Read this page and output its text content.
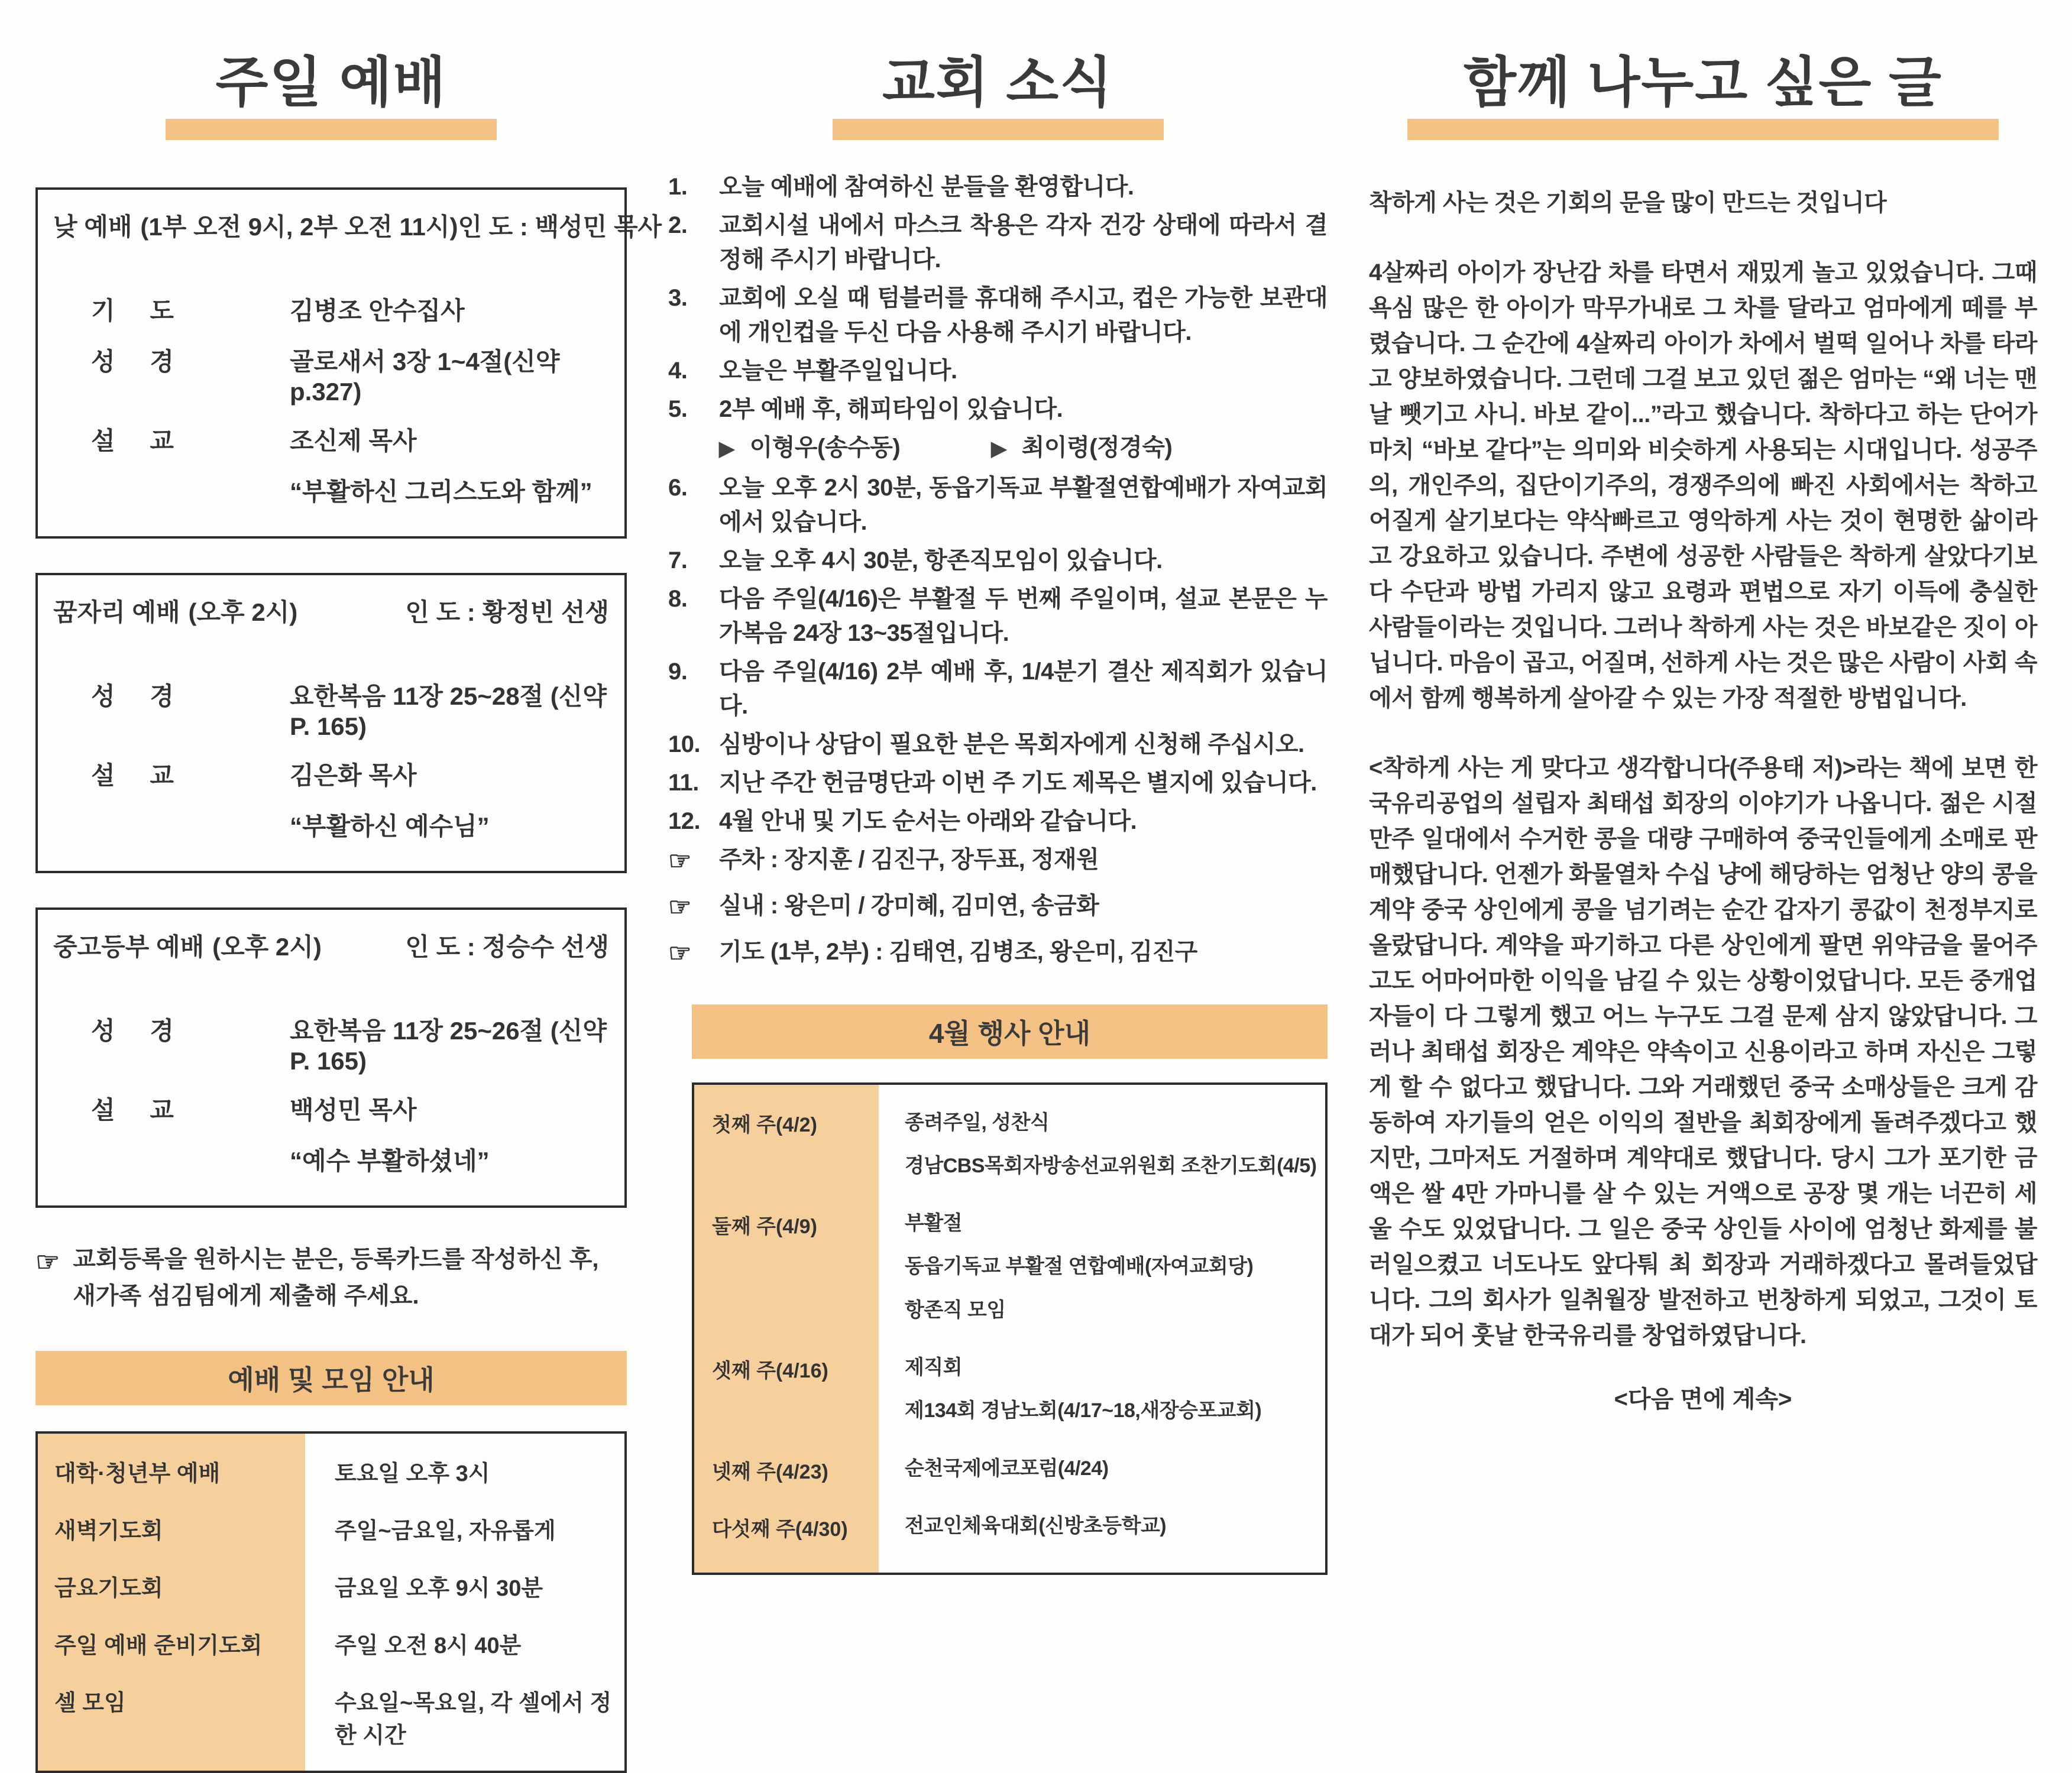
주일 예배
낮 예배 (1부 오전 9시, 2부 오전 11시) 인 도 : 백성민 목사
기 도	김병조 안수집사
성 경	골로새서 3장 1~4절(신약 p.327)
설 교	조신제 목사
“부활하신 그리스도와 함께”
꿈자리 예배 (오후 2시)	인 도 : 황정빈 선생
성 경	요한복음 11장 25~28절 (신약 P. 165)
설 교	김은화 목사
“부활하신 예수님”
중고등부 예배 (오후 2시)	인 도 : 정승수 선생
성 경	요한복음 11장 25~26절 (신약 P. 165)
설 교	백성민 목사
“예수 부활하셨네”

☞ 교회등록을 원하시는 분은, 등록카드를 작성하신 후, 새가족 섬김팀에게 제출해 주세요.

예배 및 모임 안내
대학·청년부 예배	토요일 오후 3시
새벽기도회	주일~금요일, 자유롭게
금요기도회	금요일 오후 9시 30분
주일 예배 준비기도회	주일 오전 8시 40분
셀 모임	수요일~목요일, 각 셀에서 정한 시간
교회 소식
1.	오늘 예배에 참여하신 분들을 환영합니다.
2.	교회시설 내에서 마스크 착용은 각자 건강 상태에 따라서 결정해 주시기 바랍니다.
3.	교회에 오실 때 텀블러를 휴대해 주시고, 컵은 가능한 보관대에 개인컵을 두신 다음 사용해 주시기 바랍니다.
4.	오늘은 부활주일입니다.
5.	2부 예배 후, 해피타임이 있습니다.
▶ 이형우(송수동)	▶ 최이령(정경숙)
6.	오늘 오후 2시 30분, 동읍기독교 부활절연합예배가 자여교회에서 있습니다.
7.	오늘 오후 4시 30분, 항존직모임이 있습니다.
8.	다음 주일(4/16)은 부활절 두 번째 주일이며, 설교 본문은 누가복음 24장 13~35절입니다.
9.	다음 주일(4/16) 2부 예배 후, 1/4분기 결산 제직회가 있습니다.
10. 심방이나 상담이 필요한 분은 목회자에게 신청해 주십시오.
11. 지난 주간 헌금명단과 이번 주 기도 제목은 별지에 있습니다.
12. 4월 안내 및 기도 순서는 아래와 같습니다.
☞	주차 : 장지훈 / 김진구, 장두표, 정재원
☞	실내 : 왕은미 / 강미혜, 김미연, 송금화
☞	기도 (1부, 2부) : 김태연, 김병조, 왕은미, 김진구
4월 행사 안내
첫째 주(4/2)	종려주일, 성찬식
경남CBS목회자방송선교위원회 조찬기도회(4/5)
둘째 주(4/9)	부활절
동읍기독교 부활절 연합예배(자여교회당)
항존직 모임
셋째 주(4/16)	제직회
제134회 경남노회(4/17~18,새장승포교회)
넷째 주(4/23)	순천국제에코포럼(4/24)
다섯째 주(4/30)	전교인체육대회(신방초등학교)
함께 나누고 싶은 글

착하게 사는 것은 기회의 문을 많이 만드는 것입니다

4살짜리 아이가 장난감 차를 타면서 재밌게 놀고 있었습니다. 그때 욕심 많은 한 아이가 막무가내로 그 차를 달라고 엄마에게 떼를 부렸습니다. 그 순간에 4살짜리 아이가 차에서 벌떡 일어나 차를 타라고 양보하였습니다. 그런데 그걸 보고 있던 젊은 엄마는 “왜 너는 맨날 뺏기고 사니. 바보 같이...”라고 했습니다. 착하다고 하는 단어가 마치 “바보 같다”는 의미와 비슷하게 사용되는 시대입니다. 성공주의, 개인주의, 집단이기주의, 경쟁주의에 빠진 사회에서는 착하고 어질게 살기보다는 약삭빠르고 영악하게 사는 것이 현명한 삶이라고 강요하고 있습니다. 주변에 성공한 사람들은 착하게 살았다기보다 수단과 방법 가리지 않고 요령과 편법으로 자기 이득에 충실한 사람들이라는 것입니다. 그러나 착하게 사는 것은 바보같은 짓이 아닙니다. 마음이 곱고, 어질며, 선하게 사는 것은 많은 사람이 사회 속에서 함께 행복하게 살아갈 수 있는 가장 적절한 방법입니다.

<착하게 사는 게 맞다고 생각합니다(주용태 저)>라는 책에 보면 한국유리공업의 설립자 최태섭 회장의 이야기가 나옵니다. 젊은 시절 만주 일대에서 수거한 콩을 대량 구매하여 중국인들에게 소매로 판매했답니다. 언젠가 화물열차 수십 냥에 해당하는 엄청난 양의 콩을 계약 중국 상인에게 콩을 넘기려는 순간 갑자기 콩값이 천정부지로 올랐답니다. 계약을 파기하고 다른 상인에게 팔면 위약금을 물어주고도 어마어마한 이익을 남길 수 있는 상황이었답니다. 모든 중개업자들이 다 그렇게 했고 어느 누구도 그걸 문제 삼지 않았답니다. 그러나 최태섭 회장은 계약은 약속이고 신용이라고 하며 자신은 그렇게 할 수 없다고 했답니다. 그와 거래했던 중국 소매상들은 크게 감동하여 자기들의 얻은 이익의 절반을 최회장에게 돌려주겠다고 했지만, 그마저도 거절하며 계약대로 했답니다. 당시 그가 포기한 금액은 쌀 4만 가마니를 살 수 있는 거액으로 공장 몇 개는 너끈히 세울 수도 있었답니다. 그 일은 중국 상인들 사이에 엄청난 화제를 불러일으켰고 너도나도 앞다퉈 최 회장과 거래하겠다고 몰려들었답니다. 그의 회사가 일취월장 발전하고 번창하게 되었고, 그것이 토대가 되어 훗날 한국유리를 창업하였답니다.

<다음 면에 계속>
